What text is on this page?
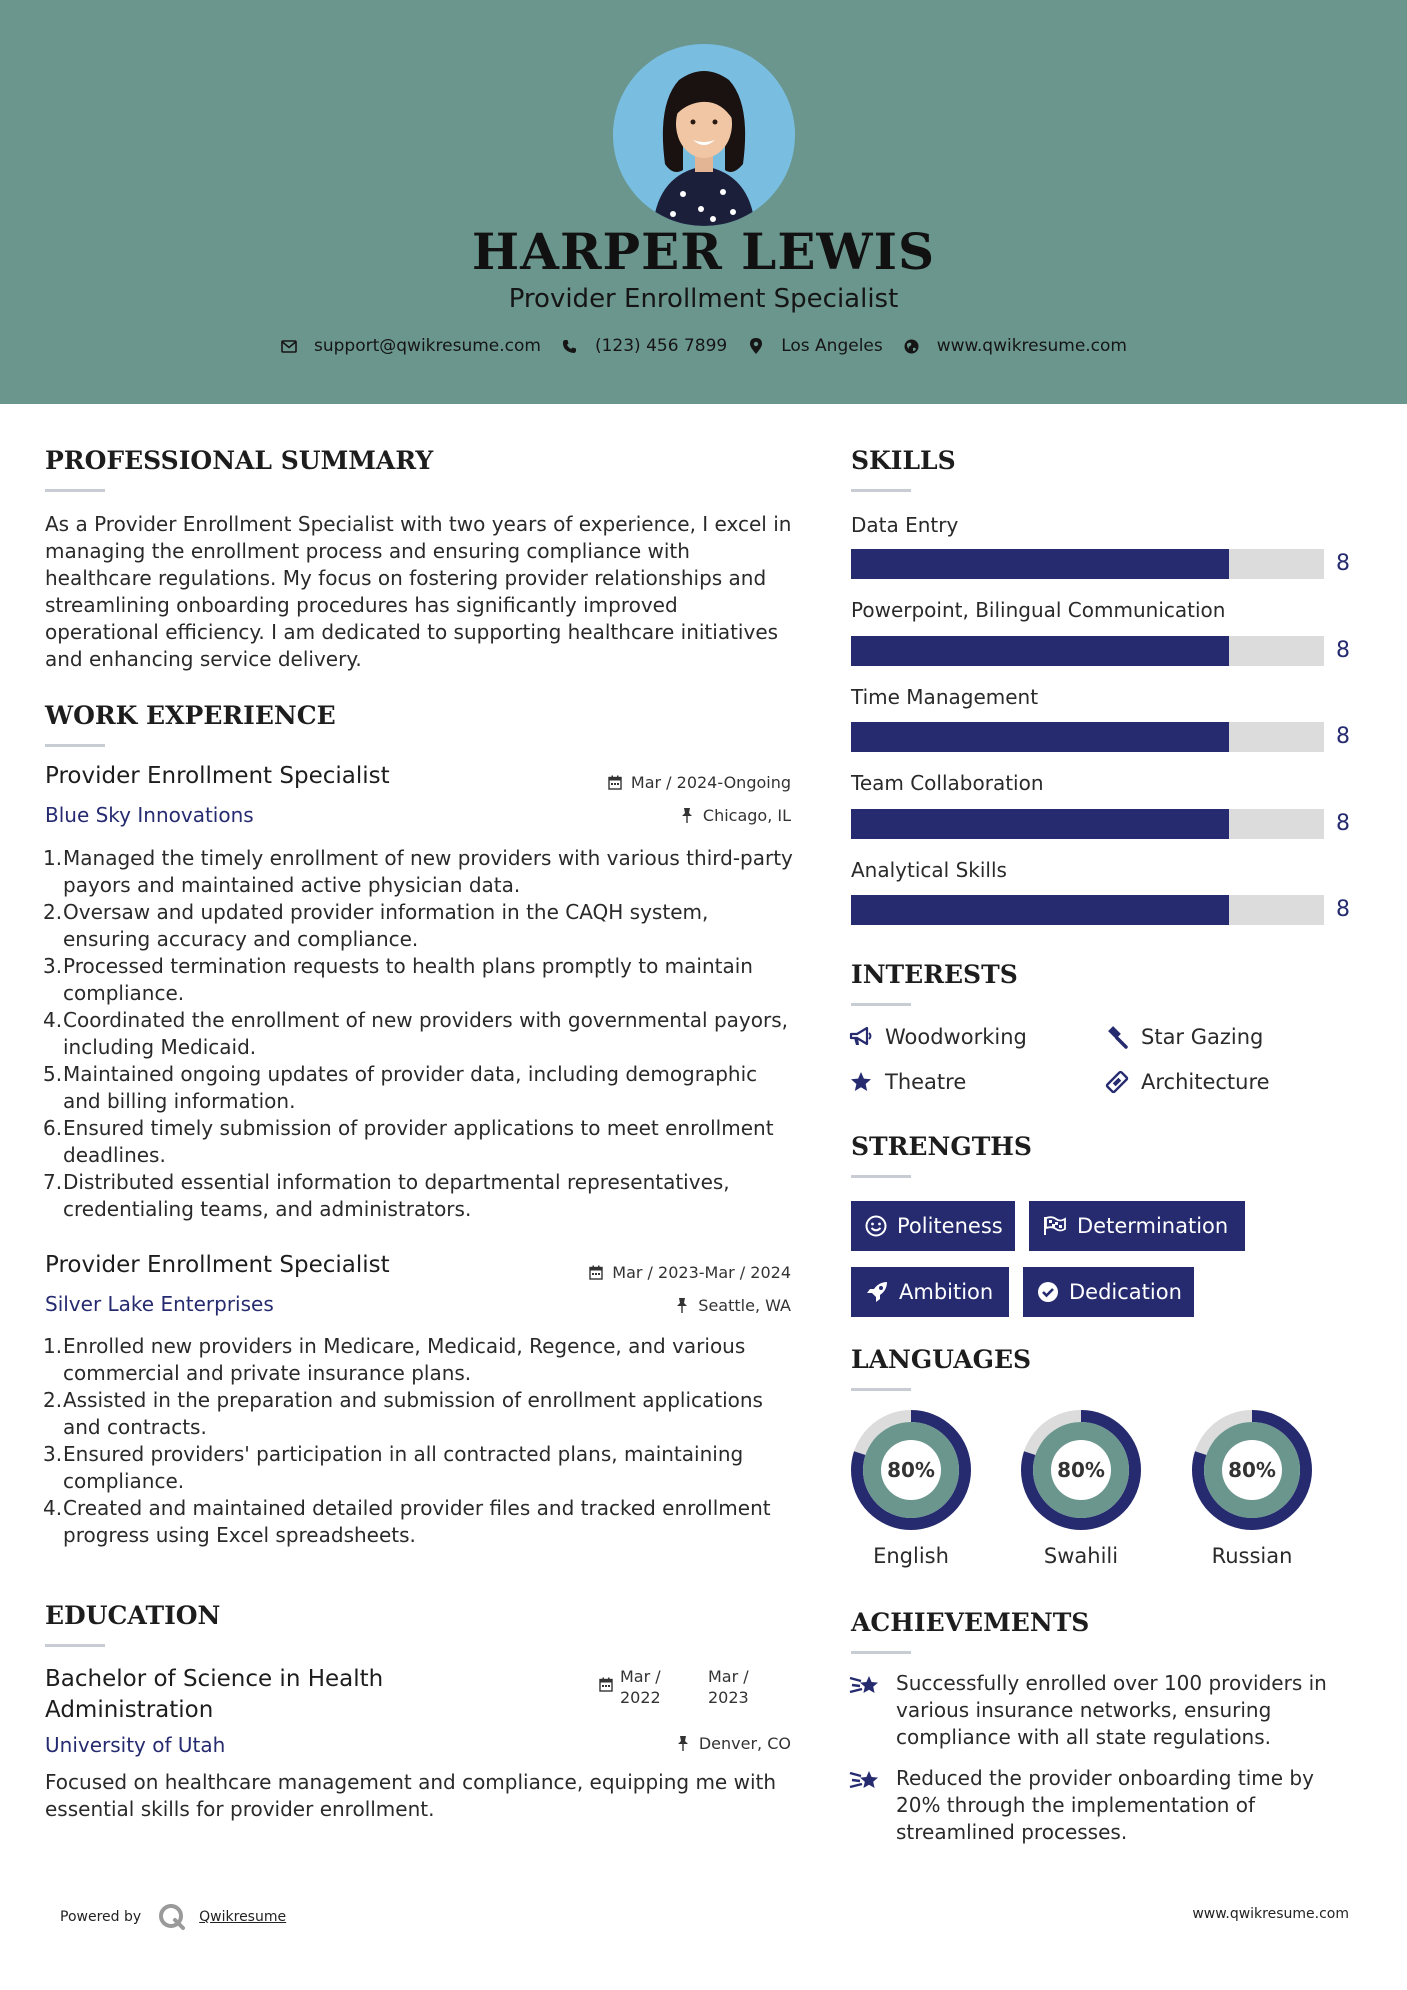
HARPER LEWIS
Provider Enrollment Specialist
support@qwikresume.com	(123) 456 7899	Los Angeles	www.qwikresume.com
PROFESSIONAL SUMMARY
As a Provider Enrollment Specialist with two years of experience, I excel in managing the enrollment process and ensuring compliance with healthcare regulations. My focus on fostering provider relationships and streamlining onboarding procedures has significantly improved operational efficiency. I am dedicated to supporting healthcare initiatives and enhancing service delivery.
WORK EXPERIENCE
Provider Enrollment Specialist	Mar / 2024-Ongoing
Blue Sky Innovations	Chicago, IL
1. Managed the timely enrollment of new providers with various third-party payors and maintained active physician data.
2. Oversaw and updated provider information in the CAQH system, ensuring accuracy and compliance.
3. Processed termination requests to health plans promptly to maintain compliance.
4. Coordinated the enrollment of new providers with governmental payors, including Medicaid.
5. Maintained ongoing updates of provider data, including demographic and billing information.
6. Ensured timely submission of provider applications to meet enrollment deadlines.
7. Distributed essential information to departmental representatives, credentialing teams, and administrators.
Provider Enrollment Specialist	Mar / 2023-Mar / 2024
Silver Lake Enterprises	Seattle, WA
1. Enrolled new providers in Medicare, Medicaid, Regence, and various commercial and private insurance plans.
2. Assisted in the preparation and submission of enrollment applications and contracts.
3. Ensured providers' participation in all contracted plans, maintaining compliance.
4. Created and maintained detailed provider files and tracked enrollment progress using Excel spreadsheets.
EDUCATION
Bachelor of Science in Health Administration
Mar /
2022
Mar /
2023
University of Utah	Denver, CO
Focused on healthcare management and compliance, equipping me with essential skills for provider enrollment.
SKILLS
Data Entry
8
Powerpoint, Bilingual Communication
8
Time Management
8
Team Collaboration
8
Analytical Skills
8
INTERESTS
Woodworking	Star Gazing
Theatre	Architecture
STRENGTHS
Politeness	Determination
Ambition	Dedication
LANGUAGES
80%
English
80%
Swahili
80%
Russian
ACHIEVEMENTS
Successfully enrolled over 100 providers in various insurance networks, ensuring compliance with all state regulations.
Reduced the provider onboarding time by 20% through the implementation of streamlined processes.
Powered by	Qwikresume	www.qwikresume.com
